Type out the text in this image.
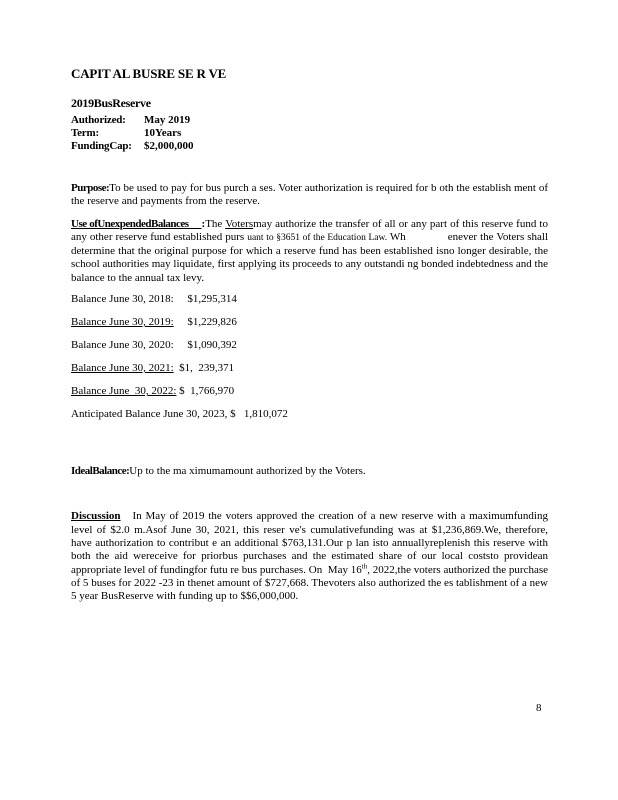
CAPIT AL BUSRE SE R VE
2019BusReserve
Authorized: May 2019
Term:	10Years
FundingCap: $2,000,000

Purpose:To be used to pay for bus purch a ses. Voter authorization is required for b oth the establish ment of the reserve and payments from the reserve.

Use ofUnexpendedBalances     :The Votersmay authorize the transfer of all or any part of this reserve fund to any other reserve fund established purs uant to §3651 of the Education Law. Wh              enever the Voters shall determine that the original purpose for which a reserve fund has been established isno longer desirable, the school authorities may liquidate, first applying its proceeds to any outstandi ng bonded indebtedness and the balance to the annual tax levy.

Balance June 30, 2018:     $1,295,314
Balance June 30, 2019:     $1,229,826
Balance June 30, 2020:     $1,090,392
Balance June 30, 2021:  $1,  239,371
Balance June  30, 2022: $  1,766,970
Anticipated Balance June 30, 2023, $   1,810,072

IdealBalance:Up to the ma ximumamount authorized by the Voters.

Discussion In May of 2019 the voters approved the creation of a new reserve with a maximumfunding level of $2.0 m.Asof June 30, 2021, this reser ve's cumulativefunding was at $1,236,869.We, therefore, have authorization to contribut e an additional $763,131.Our p lan isto annuallyreplenish this reserve with both the aid wereceive for priorbus purchases and the estimated share of our local coststo providean appropriate level of fundingfor futu re bus purchases. On  May 16th, 2022,the voters authorized the purchase of 5 buses for 2022 -23 in thenet amount of $727,668. Thevoters also authorized the es tablishment of a new 5 year BusReserve with funding up to $$6,000,000.

8
